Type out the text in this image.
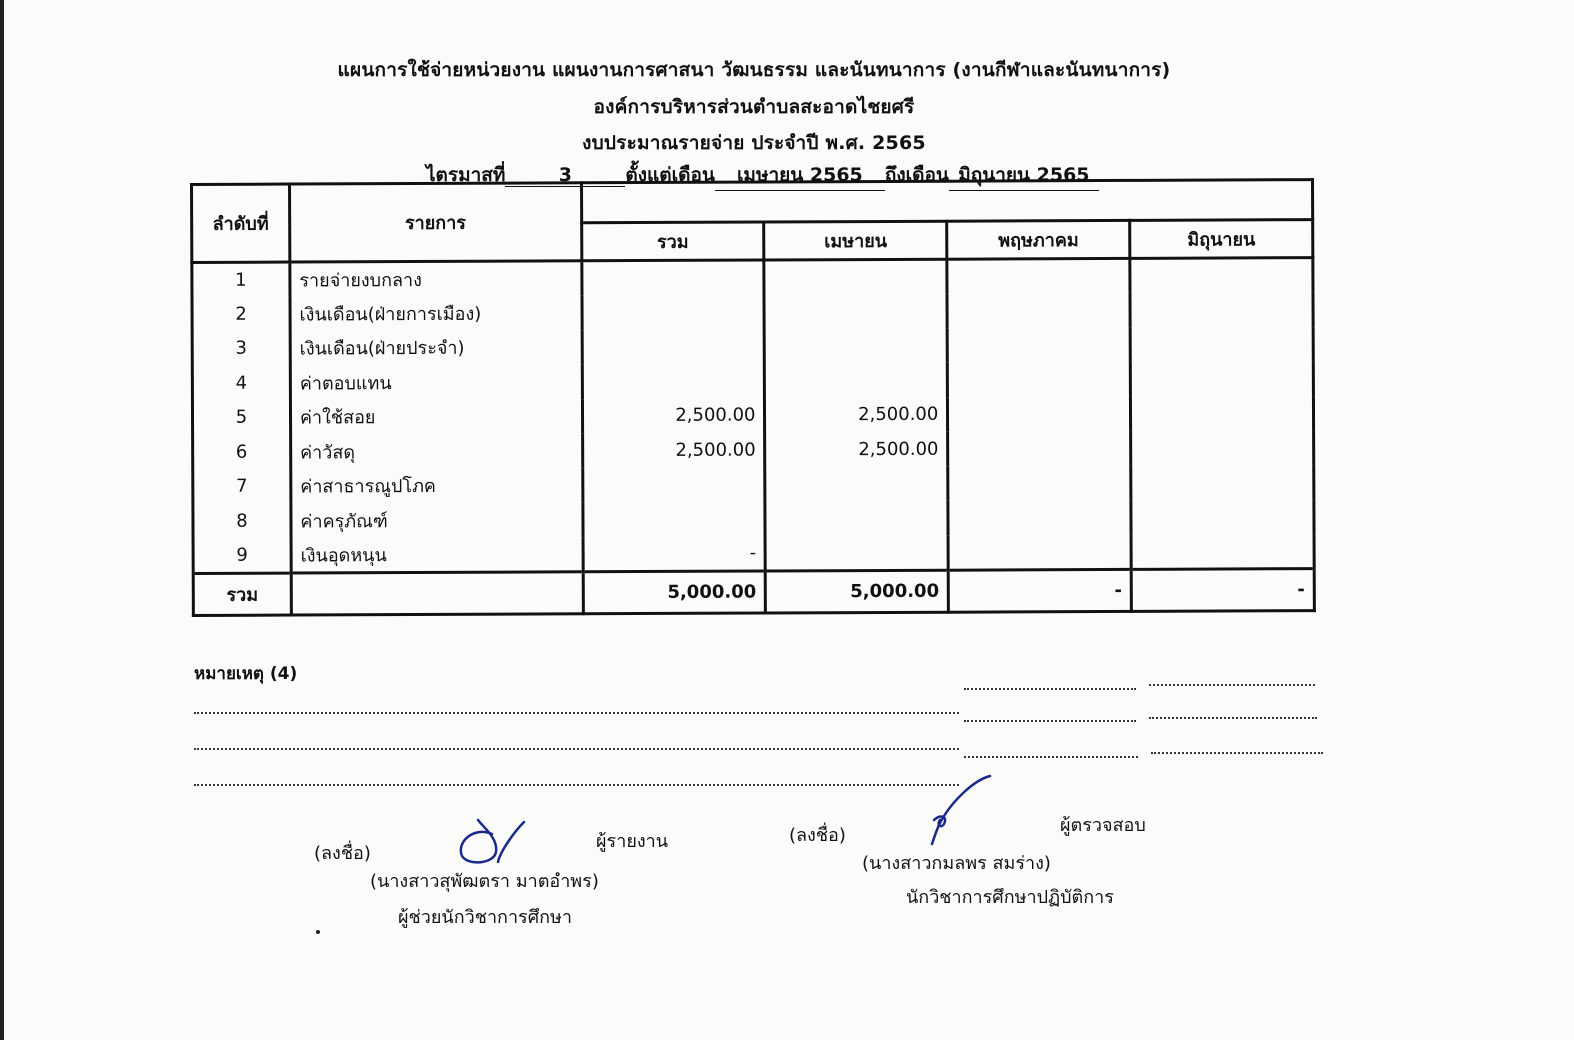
แผนการใช้จ่ายหน่วยงาน แผนงานการศาสนา วัฒนธรรม และนันทนาการ (งานกีฬาและนันทนาการ)
องค์การบริหารส่วนตำบลสะอาดไชยศรี
งบประมาณรายจ่าย ประจำปี พ.ศ. 2565
ไตรมาสที่	3	ตั้งแต่เดือน เมษายน 2565 ถึงเดือน มิถุนายน 2565
ลำดับที่	รายการ				
		รวม	เมษายน	พฤษภาคม	มิถุนายน
1	รายจ่ายงบกลาง				
2	เงินเดือน(ฝ่ายการเมือง)				
3	เงินเดือน(ฝ่ายประจำ)				
4	ค่าตอบแทน				
5	ค่าใช้สอย	2,500.00	2,500.00		
6	ค่าวัสดุ	2,500.00	2,500.00		
7	ค่าสาธารณูปโภค				
8	ค่าครุภัณฑ์				
9	เงินอุดหนุน	-			
รวม		5,000.00	5,000.00	-	-
หมายเหตุ (4)
(ลงชื่อ)
ผู้รายงาน
(นางสาวสุพัฒตรา มาตอำพร)
ผู้ช่วยนักวิชาการศึกษา
(ลงชื่อ)	ผู้ตรวจสอบ
(นางสาวกมลพร สมร่าง)
นักวิชาการศึกษาปฏิบัติการ
